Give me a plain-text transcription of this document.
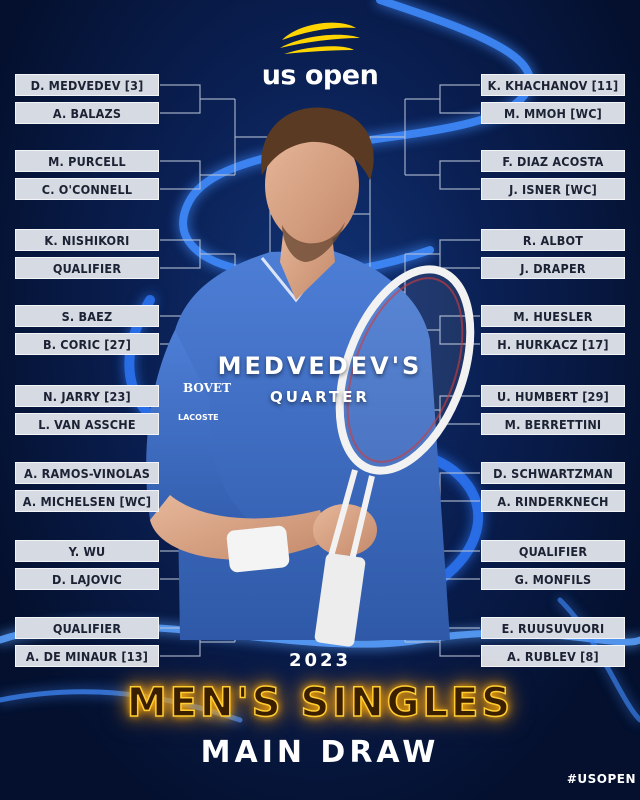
BOVET
LACOSTE
us open
D. MEDVEDEV [3]
A. BALAZS
M. PURCELL
C. O'CONNELL
K. NISHIKORI
QUALIFIER
S. BAEZ
B. CORIC [27]
N. JARRY [23]
L. VAN ASSCHE
A. RAMOS-VINOLAS
A. MICHELSEN [WC]
Y. WU
D. LAJOVIC
QUALIFIER
A. DE MINAUR [13]
K. KHACHANOV [11]
M. MMOH [WC]
F. DIAZ ACOSTA
J. ISNER [WC]
R. ALBOT
J. DRAPER
M. HUESLER
H. HURKACZ [17]
U. HUMBERT [29]
M. BERRETTINI
D. SCHWARTZMAN
A. RINDERKNECH
QUALIFIER
G. MONFILS
E. RUUSUVUORI
A. RUBLEV [8]
MEDVEDEV'S
QUARTER
2023
MEN'S SINGLES
MAIN DRAW
#USOPEN
